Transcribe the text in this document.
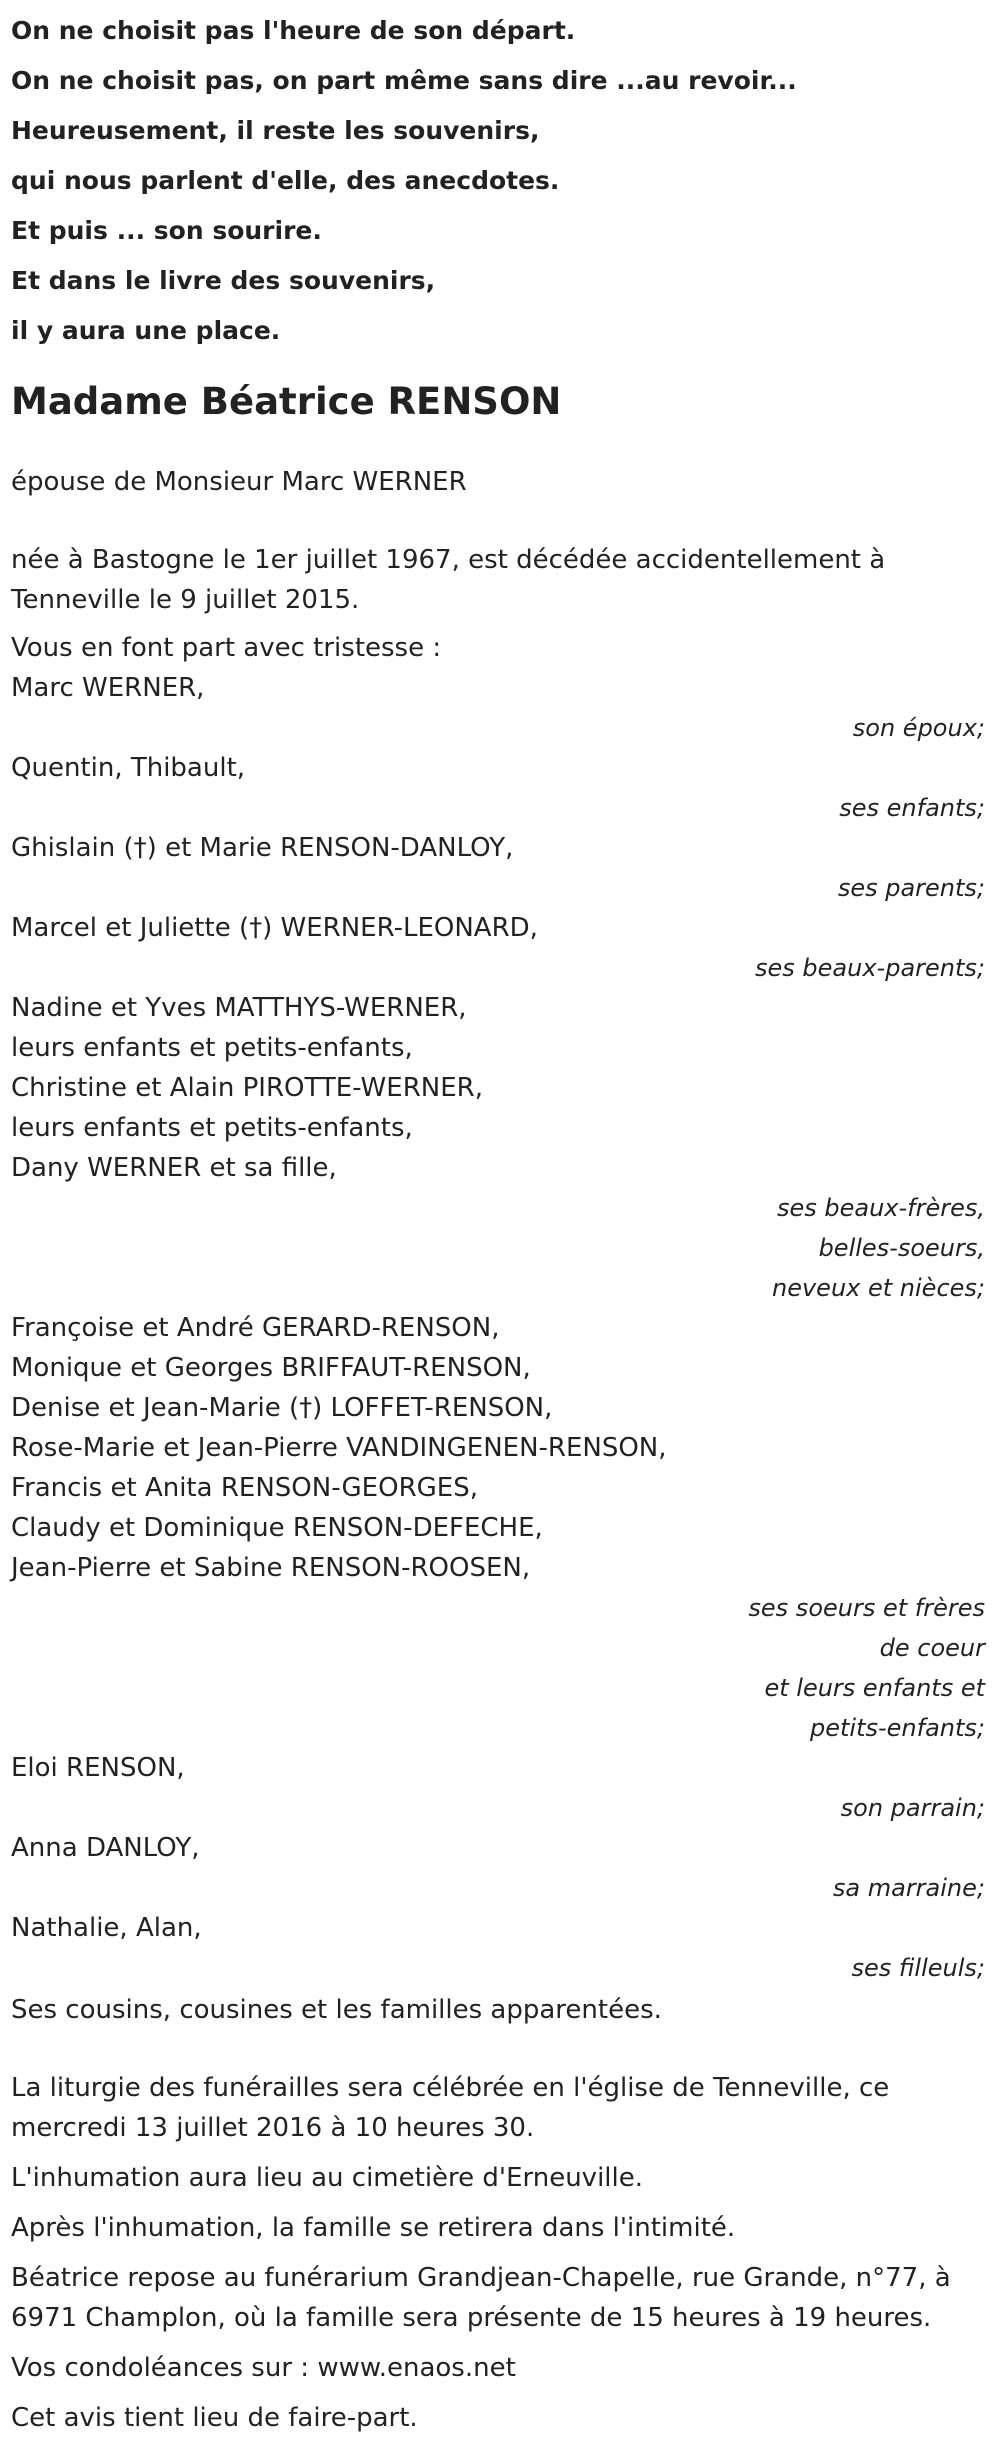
On ne choisit pas l'heure de son départ.
On ne choisit pas, on part même sans dire ...au revoir...
Heureusement, il reste les souvenirs,
qui nous parlent d'elle, des anecdotes.
Et puis ... son sourire.
Et dans le livre des souvenirs,
il y aura une place.
Madame Béatrice RENSON
épouse de Monsieur Marc WERNER
née à Bastogne le 1er juillet 1967, est décédée accidentellement à
Tenneville le 9 juillet 2015.
Vous en font part avec tristesse :
Marc WERNER,
son époux;
Quentin, Thibault,
ses enfants;
Ghislain (†) et Marie RENSON-DANLOY,
ses parents;
Marcel et Juliette (†) WERNER-LEONARD,
ses beaux-parents;
Nadine et Yves MATTHYS-WERNER,
leurs enfants et petits-enfants,
Christine et Alain PIROTTE-WERNER,
leurs enfants et petits-enfants,
Dany WERNER et sa fille,
ses beaux-frères,
belles-soeurs,
neveux et nièces;
Françoise et André GERARD-RENSON,
Monique et Georges BRIFFAUT-RENSON,
Denise et Jean-Marie (†) LOFFET-RENSON,
Rose-Marie et Jean-Pierre VANDINGENEN-RENSON,
Francis et Anita RENSON-GEORGES,
Claudy et Dominique RENSON-DEFECHE,
Jean-Pierre et Sabine RENSON-ROOSEN,
ses soeurs et frères
de coeur
et leurs enfants et
petits-enfants;
Eloi RENSON,
son parrain;
Anna DANLOY,
sa marraine;
Nathalie, Alan,
ses filleuls;
Ses cousins, cousines et les familles apparentées.
La liturgie des funérailles sera célébrée en l'église de Tenneville, ce
mercredi 13 juillet 2016 à 10 heures 30.
L'inhumation aura lieu au cimetière d'Erneuville.
Après l'inhumation, la famille se retirera dans l'intimité.
Béatrice repose au funérarium Grandjean-Chapelle, rue Grande, n°77, à
6971 Champlon, où la famille sera présente de 15 heures à 19 heures.
Vos condoléances sur : www.enaos.net
Cet avis tient lieu de faire-part.
